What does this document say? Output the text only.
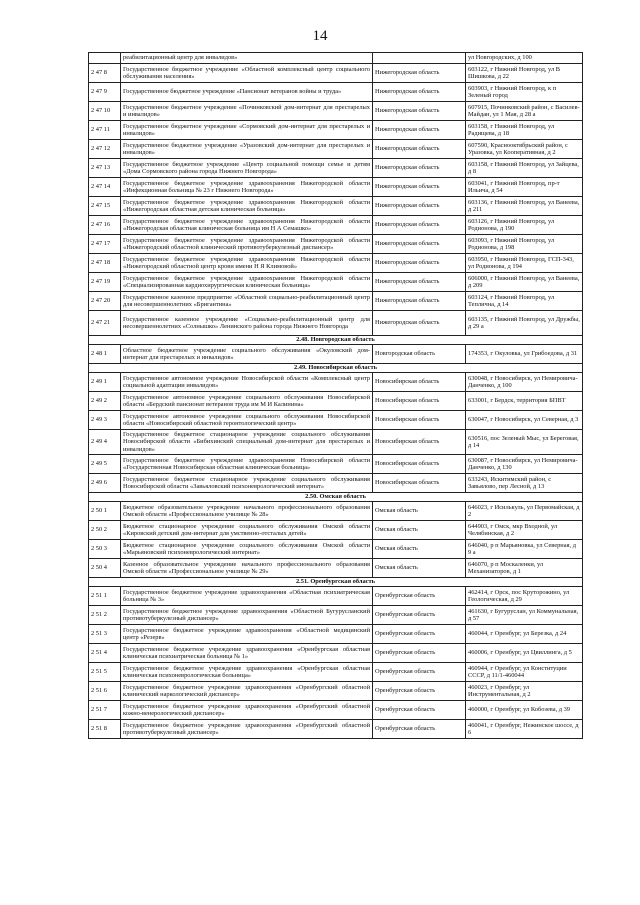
14
	реабилитационный центр для инвалидов»		ул Новгородских, д 100
2 47 8	Государственное бюджетное учреждение «Областной комплексный центр социального обслуживания населения»	Нижегородская область	603122, г Нижний Новгород, ул В Шишкова, д 22
2 47 9	Государственное бюджетное учреждение «Пансионат ветеранов войны и труда»	Нижегородская область	603903, г Нижний Новгород, к п Зеленый город
2 47 10	Государственное бюджетное учреждение «Починковский дом-интернат для престарелых и инвалидов»	Нижегородская область	607915, Починковский район, с Василев-Майдан, ул 1 Мая, д 28 а
2 47 11	Государственное бюджетное учреждение «Сормовский дом-интернат для престарелых и инвалидов»	Нижегородская область	603158, г Нижний Новгород, ул Радищева, д 18
2 47 12	Государственное бюджетное учреждение «Уразовский дом-интернат для престарелых и инвалидов»	Нижегородская область	607590, Краснооктябрьский район, с Уразовка, ул Кооперативная, д 2
2 47 13	Государственное бюджетное учреждение «Центр социальной помощи семье и детям «Дома Сормовского района города Нижнего Новгорода»	Нижегородская область	603158, г Нижний Новгород, ул Зайцева, д 8
2 47 14	Государственное бюджетное учреждение здравоохранения Нижегородской области «Инфекционная больница № 23 г Нижнего Новгорода»	Нижегородская область	603041, г Нижний Новгород, пр-т Ильича, д 54
2 47 15	Государственное бюджетное учреждение здравоохранения Нижегородской области «Нижегородская областная детская клиническая больница»	Нижегородская область	603136, г Нижний Новгород, ул Ванеева, д 211
2 47 16	Государственное бюджетное учреждение здравоохранения Нижегородской области «Нижегородская областная клиническая больница им Н А Семашко»	Нижегородская область	603126, г Нижний Новгород, ул Родионова, д 190
2 47 17	Государственное бюджетное учреждение здравоохранения Нижегородской области «Нижегородский областной клинический противотуберкулезный диспансер»	Нижегородская область	603093, г Нижний Новгород, ул Родионова, д 198
2 47 18	Государственное бюджетное учреждение здравоохранения Нижегородской области «Нижегородский областной центр крови имени Н Я Климовой»	Нижегородская область	603950, г Нижний Новгород, ГСП-343, ул Родионова, д 194
2 47 19	Государственное бюджетное учреждение здравоохранения Нижегородской области «Специализированная кардиохирургическая клиническая больница»	Нижегородская область	606000, г Нижний Новгород, ул Ванеева, д 209
2 47 20	Государственное казенное предприятие «Областной социально-реабилитационный центр для несовершеннолетних «Бригантина»	Нижегородская область	603124, г Нижний Новгород, ул Теплична, д 14
2 47 21	Государственное казенное учреждение «Социально-реабилитационный центр для несовершеннолетних «Солнышко» Ленинского района города Нижнего Новгорода	Нижегородская область	603135, г Нижний Новгород, ул Дружбы, д 29 а
2.48. Новгородская область			
2 48 1	Областное бюджетное учреждение социального обслуживания «Окуловский дом-интернат для престарелых и инвалидов»	Новгородская область	174353, г Окуловка, ул Грибоедова, д 31
2.49. Новосибирская область			
2 49 1	Государственное автономное учреждение Новосибирской области «Комплексный центр социальной адаптации инвалидов»	Новосибирская область	630048, г Новосибирск, ул Немировича-Данченко, д 100
2 49 2	Государственное автономное учреждение социального обслуживания Новосибирской области «Бердский пансионат ветеранов труда им М И Калинина»	Новосибирская область	633001, г Бердск, территория БПВТ
2 49 3	Государственное автономное учреждение социального обслуживания Новосибирской области «Новосибирский областной геронтологический центр»	Новосибирская область	630047, г Новосибирск, ул Северная, д 3
2 49 4	Государственное бюджетное стационарное учреждение социального обслуживания Новосибирской области «Бибихинский специальный дом-интернат для престарелых и инвалидов»	Новосибирская область	630516, пос Зеленый Мыс, ул Береговая, д 14
2 49 5	Государственное бюджетное учреждение здравоохранения Новосибирской области «Государственная Новосибирская областная клиническая больница»	Новосибирская область	630087, г Новосибирск, ул Немировича-Данченко, д 130
2 49 6	Государственное бюджетное стационарное учреждение социального обслуживания Новосибирской области «Завьяловский психоневрологический интернат»	Новосибирская область	633243, Искитимский район, с Завьялово, пер Лесной, д 13
2.50. Омская область			
2 50 1	Бюджетное образовательное учреждение начального профессионального образования Омской области «Профессиональное училище № 28»	Омская область	646023, г Исилькуль, ул Первомайская, д 2
2 50 2	Бюджетное стационарное учреждение социального обслуживания Омской области «Кировский детский дом-интернат для умственно-отсталых детей»	Омская область	644903, г Омск, мкр Входной, ул Челябинская, д 2
2 50 3	Бюджетное стационарное учреждение социального обслуживания Омской области «Марьяновский психоневрологический интернат»	Омская область	646040, р п Марьяновка, ул Северная, д 9 а
2 50 4	Казенное образовательное учреждение начального профессионального образования Омской области «Профессиональное училище № 29»	Омская область	646070, р п Москаленки, ул Механизаторов, д 1
2.51. Оренбургская область			
2 51 1	Государственное бюджетное учреждение здравоохранения «Областная психиатрическая больница № 3»	Оренбургская область	462414, г Орск, пос Круторожино, ул Геологическая, д 29
2 51 2	Государственное бюджетное учреждение здравоохранения «Областной Бугурусланский противотуберкулезный диспансер»	Оренбургская область	461630, г Бугуруслан, ул Коммунальная, д 57
2 51 3	Государственное бюджетное учреждение здравоохранения «Областной медицинский центр «Резерв»	Оренбургская область	460044, г Оренбург, ул Березка, д 24
2 51 4	Государственное бюджетное учреждение здравоохранения «Оренбургская областная клиническая психиатрическая больница № 1»	Оренбургская область	460006, г Оренбург, ул Цвиллинга, д 5
2 51 5	Государственное бюджетное учреждение здравоохранения «Оренбургская областная клиническая психоневрологическая больница»	Оренбургская область	460944, г Оренбург, ул Конституции СССР, д 11/1-460044
2 51 6	Государственное бюджетное учреждение здравоохранения «Оренбургский областной клинический наркологический диспансер»	Оренбургская область	460023, г Оренбург, ул Инструментальная, д 2
2 51 7	Государственное бюджетное учреждение здравоохранения «Оренбургский областной кожно-венерологический диспансер»	Оренбургская область	460000, г Оренбург, ул Кобозева, д 39
2 51 8	Государственное бюджетное учреждение здравоохранения «Оренбургский областной противотуберкулезный диспансер»	Оренбургская область	460041, г Оренбург, Нежинское шоссе, д 6
